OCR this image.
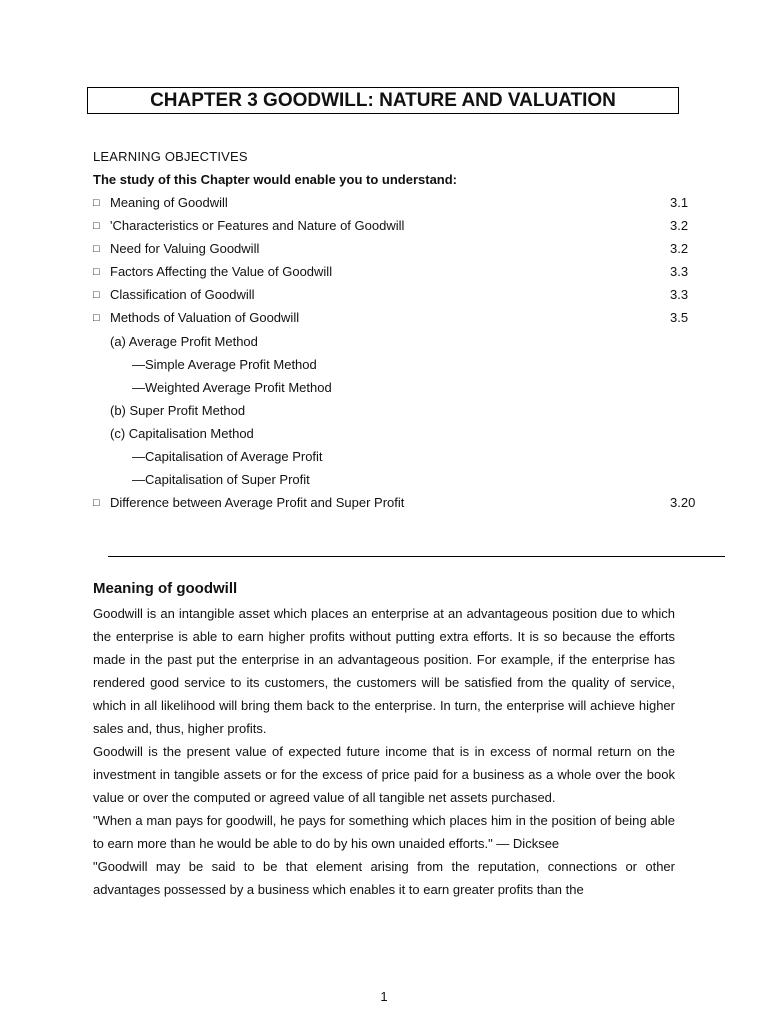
CHAPTER 3 GOODWILL: NATURE AND VALUATION
LEARNING OBJECTIVES
The study of this Chapter would enable you to understand:
□ Meaning of Goodwill	3.1
□ 'Characteristics or Features and Nature of Goodwill	3.2
□ Need for Valuing Goodwill	3.2
□ Factors Affecting the Value of Goodwill	3.3
□ Classification of Goodwill	3.3
□ Methods of Valuation of Goodwill	3.5
(a) Average Profit Method
—Simple Average Profit Method
—Weighted Average Profit Method
(b) Super Profit Method
(c) Capitalisation Method
—Capitalisation of Average Profit
—Capitalisation of Super Profit
□ Difference between Average Profit and Super Profit	3.20
Meaning of goodwill

Goodwill is an intangible asset which places an enterprise at an advantageous position due to which the enterprise is able to earn higher profits without putting extra efforts. It is so because the efforts made in the past put the enterprise in an advantageous position. For example, if the enterprise has rendered good service to its customers, the customers will be satisfied from the quality of service, which in all likelihood will bring them back to the enterprise. In turn, the enterprise will achieve higher sales and, thus, higher profits.

Goodwill is the present value of expected future income that is in excess of normal return on the investment in tangible assets or for the excess of price paid for a business as a whole over the book value or over the computed or agreed value of all tangible net assets purchased.

"When a man pays for goodwill, he pays for something which places him in the position of being able to earn more than he would be able to do by his own unaided efforts." — Dicksee

"Goodwill may be said to be that element arising from the reputation, connections or other advantages possessed by a business which enables it to earn greater profits than the

1
